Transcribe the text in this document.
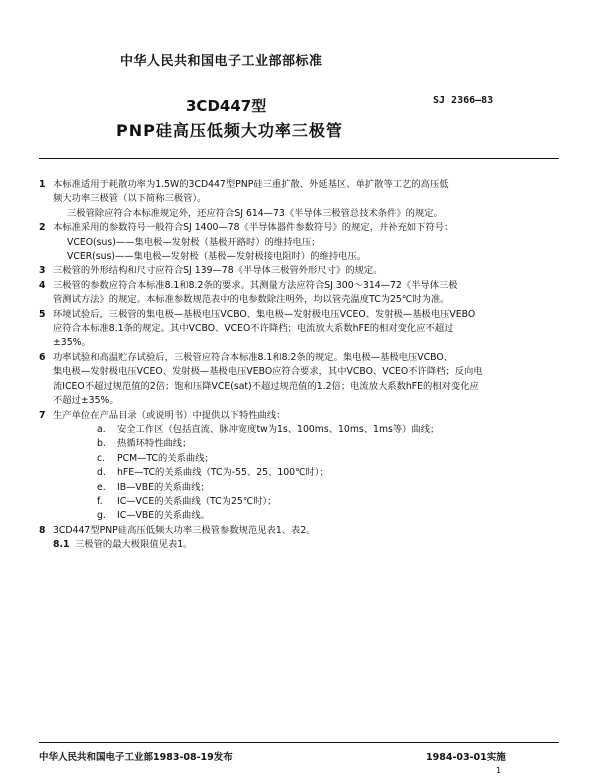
中华人民共和国电子工业部部标准
3CD447型	SJ 2366—83
PNP硅高压低频大功率三极管

1 本标准适用于耗散功率为1.5W的3CD447型PNP硅三重扩散、外延基区、单扩散等工艺的高压低

频大功率三极管（以下简称三极管）。

三极管除应符合本标准规定外，还应符合SJ 614—73《半导体三极管总技术条件》的规定。

2 本标准采用的参数符号一般符合SJ 1400—78《半导体器件参数符号》的规定，并补充如下符号：

VCEO(sus)——集电极—发射极（基极开路时）的维持电压；

VCER(sus)——集电极—发射极（基极—发射极接电阻时）的维持电压。

3 三极管的外形结构和尺寸应符合SJ 139—78《半导体三极管外形尺寸》的规定。

4 三极管的参数应符合本标准8.1和8.2条的要求。其测量方法应符合SJ 300～314—72《半导体三极

管测试方法》的规定。本标准参数规范表中的电参数除注明外，均以管壳温度TC为25℃时为准。

5 环境试验后，三极管的集电极—基极电压VCBO、集电极—发射极电压VCEO、发射极—基极电压VEBO

应符合本标准8.1条的规定。其中VCBO、VCEO不许降档；电流放大系数hFE的相对变化应不超过

±35%。

6 功率试验和高温贮存试验后，三极管应符合本标准8.1和8.2条的规定。集电极—基极电压VCBO、

集电极—发射极电压VCEO、发射极—基极电压VEBO应符合要求，其中VCBO、VCEO不许降档；反向电

流ICEO不超过规范值的2倍；饱和压降VCE(sat)不超过规范值的1.2倍；电流放大系数hFE的相对变化应

不超过±35%。

7 生产单位在产品目录（或说明书）中提供以下特性曲线：

a. 安全工作区（包括直流、脉冲宽度tw为1s、100ms、10ms、1ms等）曲线；

b. 热循环特性曲线；

c. PCM—TC的关系曲线；

d. hFE—TC的关系曲线（TC为-55、25、100℃时）；

e. IB—VBE的关系曲线；

f. IC—VCE的关系曲线（TC为25℃时）；

g. IC—VBE的关系曲线。

8 3CD447型PNP硅高压低频大功率三极管参数规范见表1、表2。

8.1 三极管的最大极限值见表1。

中华人民共和国电子工业部1983-08-19发布	1984-03-01实施
1
